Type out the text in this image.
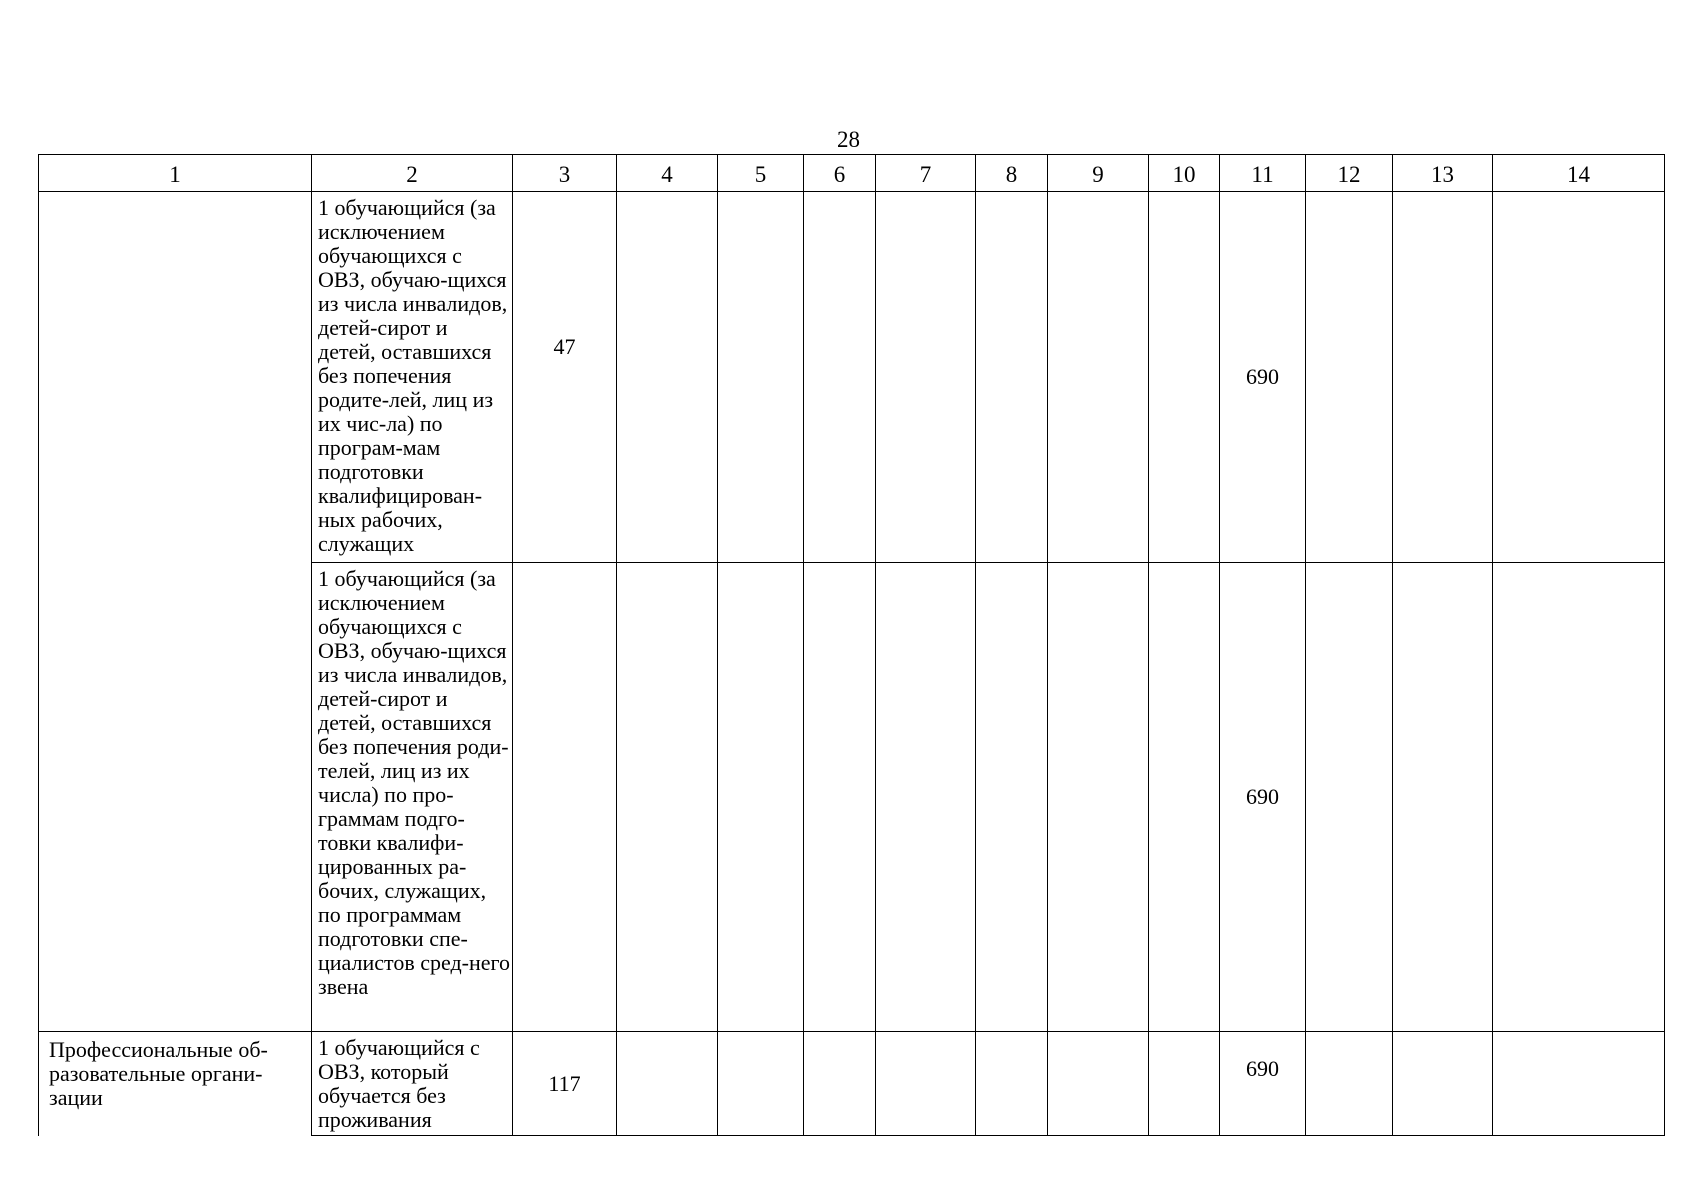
28
1	2	3	4	5	6	7	8	9	10	11	12	13	14
	1 обучающийся (за исключением обучающихся с ОВЗ, обучаю-щихся из числа инвалидов, детей-сирот и детей, оставшихся без попечения родите-лей, лиц из их чис-ла) по програм-мам подготовки квалифицирован-ных рабочих, служащих	47								690			
	1 обучающийся (за исключением обучающихся с ОВЗ, обучаю-щихся из числа инвалидов, детей-сирот и детей, оставшихся без попечения роди-телей, лиц из их числа) по про-граммам подго-товки квалифи-цированных ра-бочих, служащих, по программам подготовки спе-циалистов сред-него звена									690			
Профессиональные об-разовательные органи-зации	1 обучающийся с ОВЗ, который обучается без проживания	117								690			
